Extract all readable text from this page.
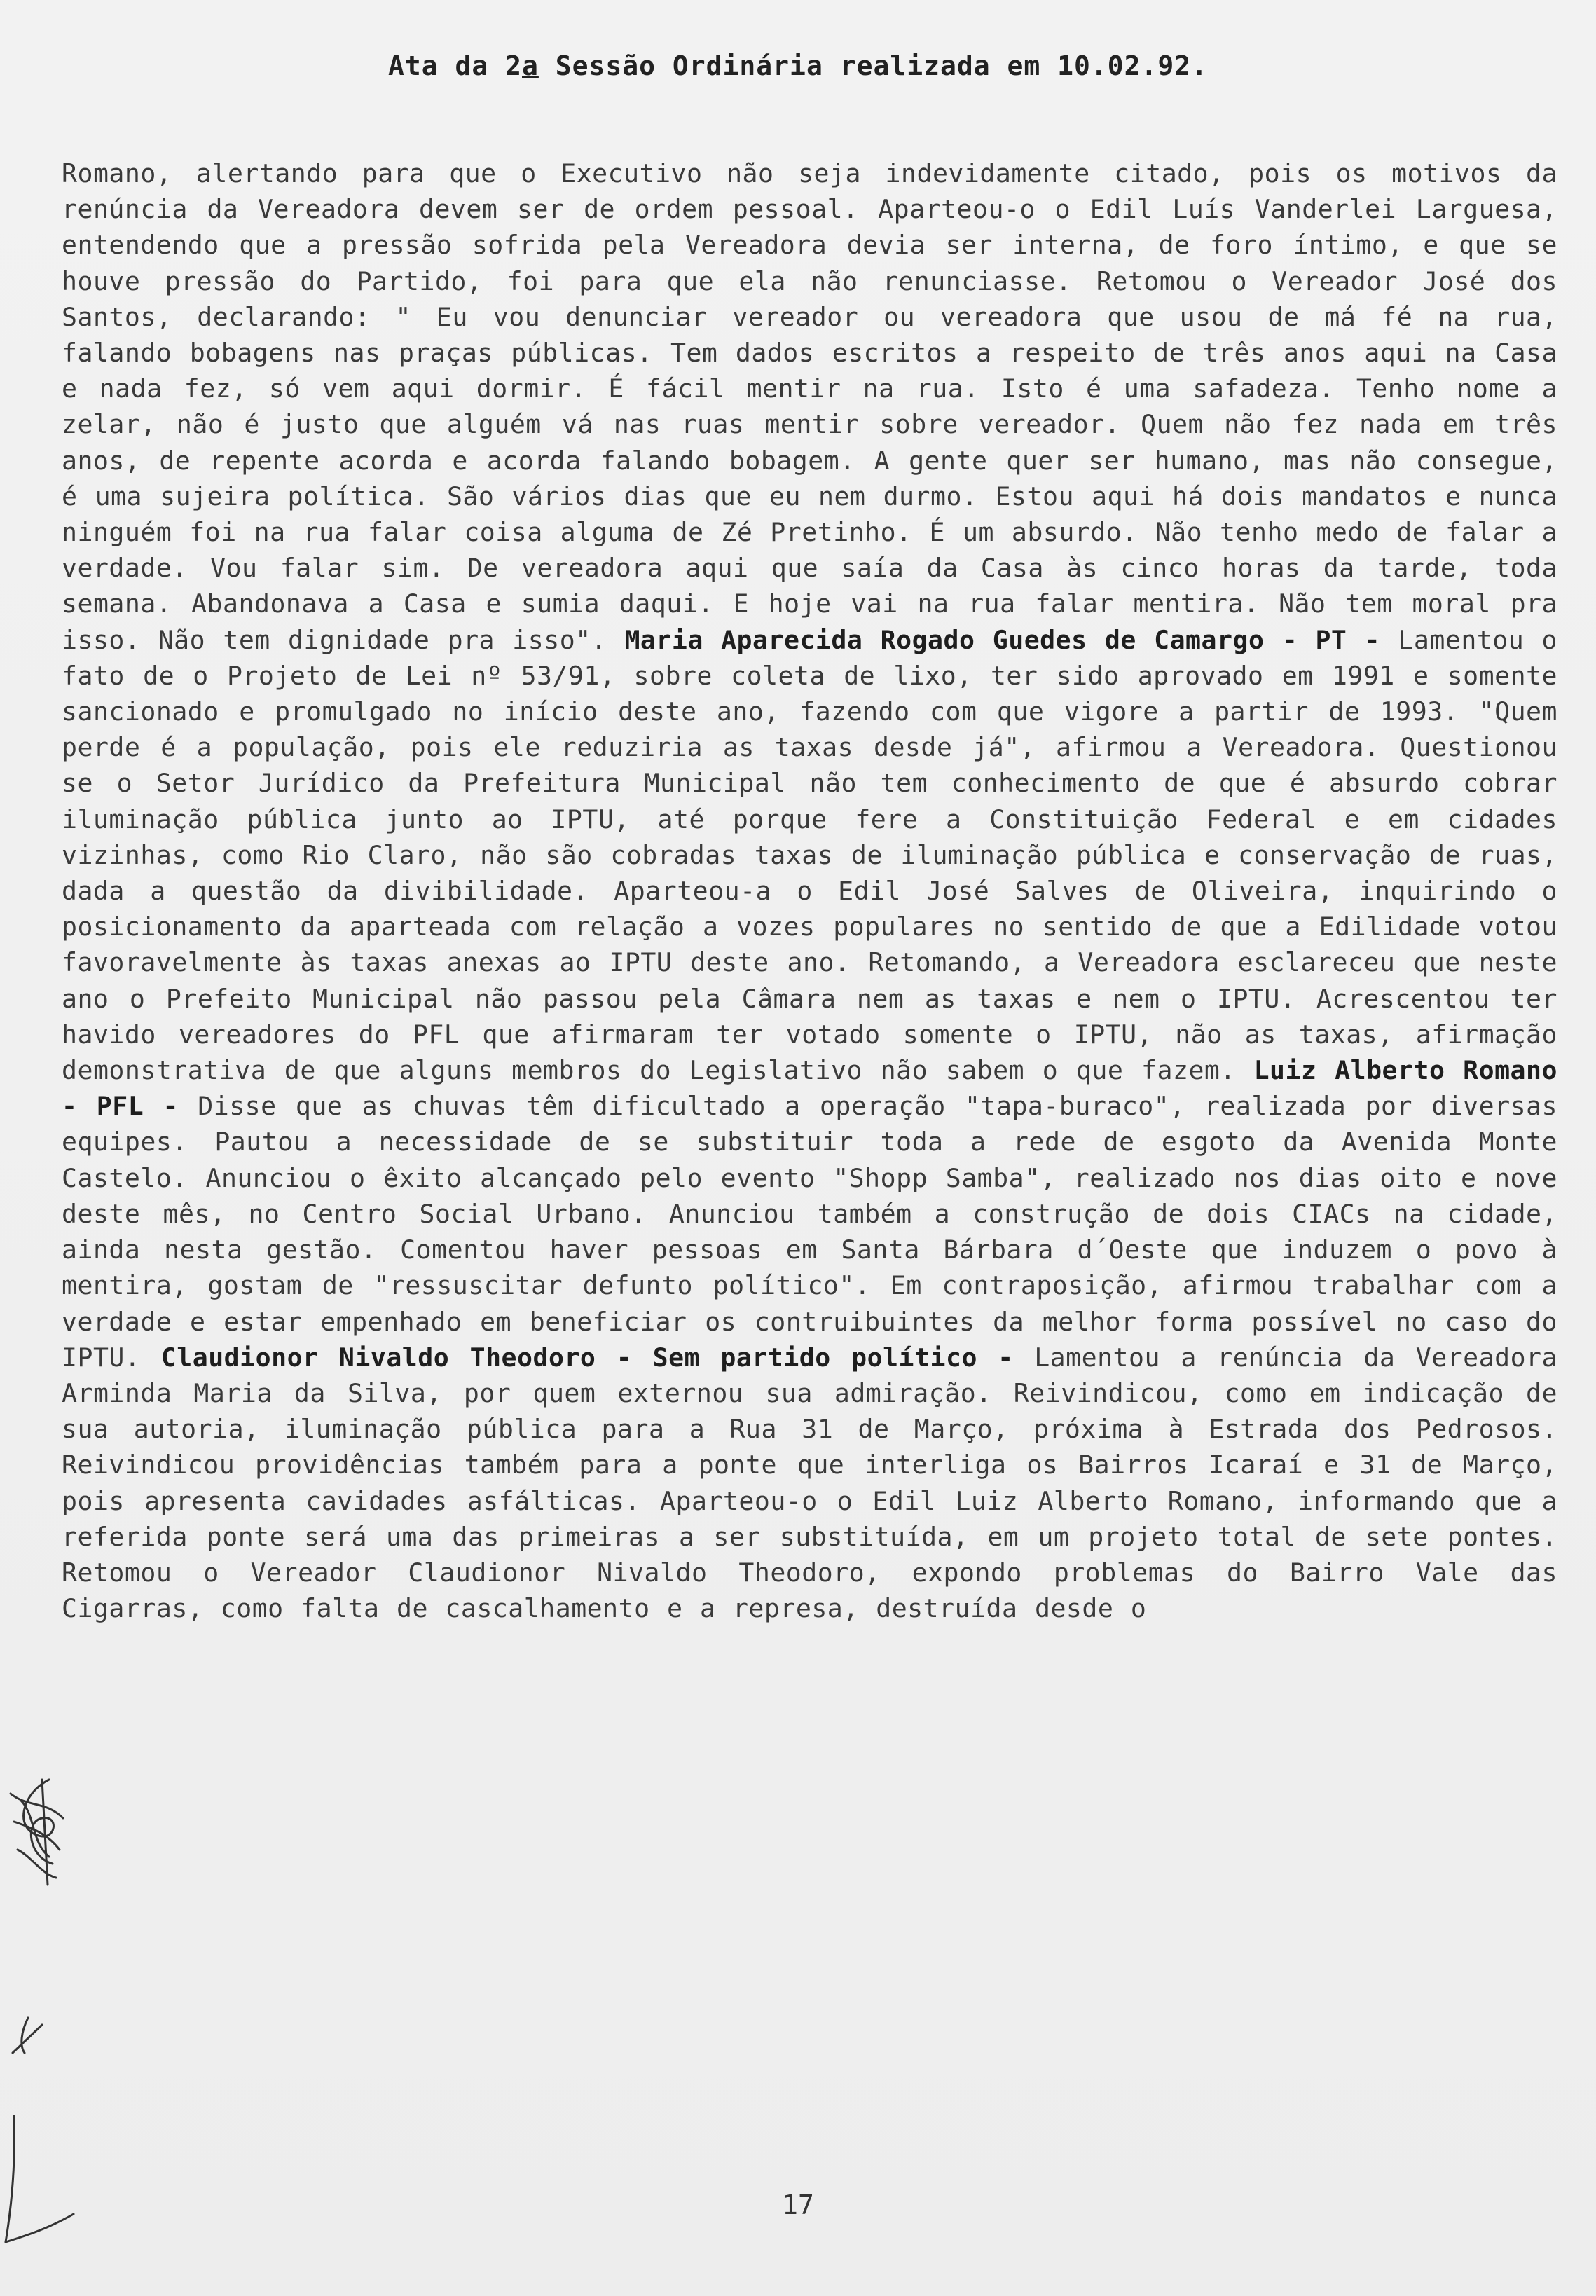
Ata da 2a Sessão Ordinária realizada em 10.02.92.
Romano, alertando para que o Executivo não seja indevidamente citado, pois os motivos da renúncia da Vereadora devem ser de ordem pessoal. Aparteou-o o Edil Luís Vanderlei Larguesa, entendendo que a pressão sofrida pela Vereadora devia ser interna, de foro íntimo, e que se houve pressão do Partido, foi para que ela não renunciasse. Retomou o Vereador José dos Santos, declarando: " Eu vou denunciar vereador ou vereadora que usou de má fé na rua, falando bobagens nas praças públicas. Tem dados escritos a respeito de três anos aqui na Casa e nada fez, só vem aqui dormir. É fácil mentir na rua. Isto é uma safadeza. Tenho nome a zelar, não é justo que alguém vá nas ruas mentir sobre vereador. Quem não fez nada em três anos, de repente acorda e acorda falando bobagem. A gente quer ser humano, mas não consegue, é uma sujeira política. São vários dias que eu nem durmo. Estou aqui há dois mandatos e nunca ninguém foi na rua falar coisa alguma de Zé Pretinho. É um absurdo. Não tenho medo de falar a verdade. Vou falar sim. De vereadora aqui que saía da Casa às cinco horas da tarde, toda semana. Abandonava a Casa e sumia daqui. E hoje vai na rua falar mentira. Não tem moral pra isso. Não tem dignidade pra isso". Maria Aparecida Rogado Guedes de Camargo - PT - Lamentou o fato de o Projeto de Lei nº 53/91, sobre coleta de lixo, ter sido aprovado em 1991 e somente sancionado e promulgado no início deste ano, fazendo com que vigore a partir de 1993. "Quem perde é a população, pois ele reduziria as taxas desde já", afirmou a Vereadora. Questionou se o Setor Jurídico da Prefeitura Municipal não tem conhecimento de que é absurdo cobrar iluminação pública junto ao IPTU, até porque fere a Constituição Federal e em cidades vizinhas, como Rio Claro, não são cobradas taxas de iluminação pública e conservação de ruas, dada a questão da divibilidade. Aparteou-a o Edil José Salves de Oliveira, inquirindo o posicionamento da aparteada com relação a vozes populares no sentido de que a Edilidade votou favoravelmente às taxas anexas ao IPTU deste ano. Retomando, a Vereadora esclareceu que neste ano o Prefeito Municipal não passou pela Câmara nem as taxas e nem o IPTU. Acrescentou ter havido vereadores do PFL que afirmaram ter votado somente o IPTU, não as taxas, afirmação demonstrativa de que alguns membros do Legislativo não sabem o que fazem. Luiz Alberto Romano - PFL - Disse que as chuvas têm dificultado a operação "tapa-buraco", realizada por diversas equipes. Pautou a necessidade de se substituir toda a rede de esgoto da Avenida Monte Castelo. Anunciou o êxito alcançado pelo evento "Shopp Samba", realizado nos dias oito e nove deste mês, no Centro Social Urbano. Anunciou também a construção de dois CIACs na cidade, ainda nesta gestão. Comentou haver pessoas em Santa Bárbara d´Oeste que induzem o povo à mentira, gostam de "ressuscitar defunto político". Em contraposição, afirmou trabalhar com a verdade e estar empenhado em beneficiar os contruibuintes da melhor forma possível no caso do IPTU. Claudionor Nivaldo Theodoro - Sem partido político - Lamentou a renúncia da Vereadora Arminda Maria da Silva, por quem externou sua admiração. Reivindicou, como em indicação de sua autoria, iluminação pública para a Rua 31 de Março, próxima à Estrada dos Pedrosos. Reivindicou providências também para a ponte que interliga os Bairros Icaraí e 31 de Março, pois apresenta cavidades asfálticas. Aparteou-o o Edil Luiz Alberto Romano, informando que a referida ponte será uma das primeiras a ser substituída, em um projeto total de sete pontes. Retomou o Vereador Claudionor Nivaldo Theodoro, expondo problemas do Bairro Vale das Cigarras, como falta de cascalhamento e a represa, destruída desde o
17
